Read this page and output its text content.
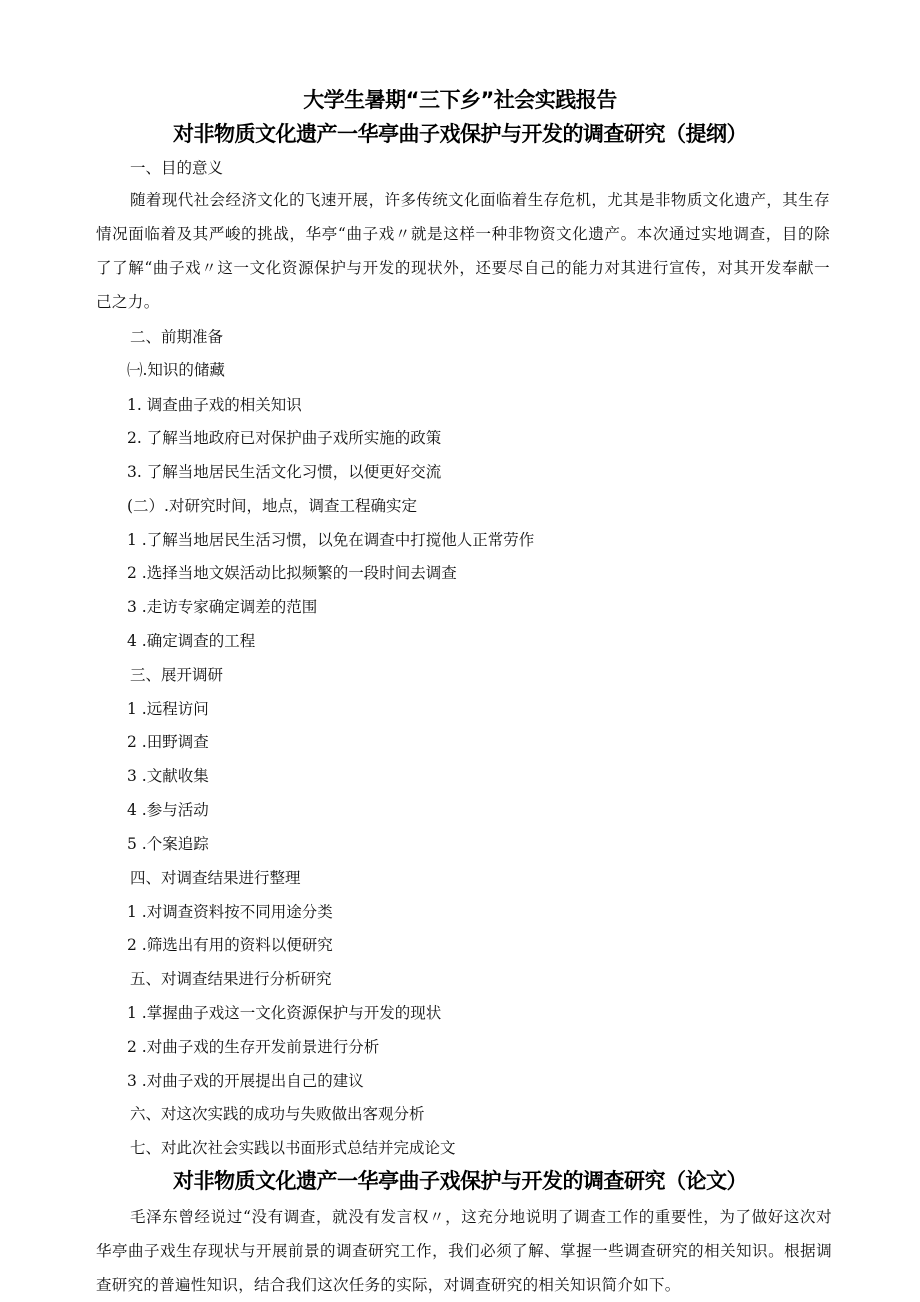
大学生暑期“三下乡”社会实践报告
对非物质文化遗产一华亭曲子戏保护与开发的调查研究（提纲）
一、目的意义
随着现代社会经济文化的飞速开展，许多传统文化面临着生存危机，尤其是非物质文化遗产，其生存情况面临着及其严峻的挑战，华亭“曲子戏〃就是这样一种非物资文化遗产。本次通过实地调查，目的除了了解“曲子戏〃这一文化资源保护与开发的现状外，还要尽自己的能力对其进行宣传，对其开发奉献一己之力。
二、前期准备
㈠.知识的储藏
1. 调查曲子戏的相关知识
2. 了解当地政府已对保护曲子戏所实施的政策
3. 了解当地居民生活文化习惯，以便更好交流
(二）.对研究时间，地点，调查工程确实定
1 .了解当地居民生活习惯，以免在调查中打搅他人正常劳作
2 .选择当地文娱活动比拟频繁的一段时间去调查
3 .走访专家确定调差的范围
4 .确定调查的工程
三、展开调研
1 .远程访问
2 .田野调查
3 .文献收集
4 .参与活动
5 .个案追踪
四、对调查结果进行整理
1 .对调查资料按不同用途分类
2 .筛选出有用的资料以便研究
五、对调查结果进行分析研究
1 .掌握曲子戏这一文化资源保护与开发的现状
2 .对曲子戏的生存开发前景进行分析
3 .对曲子戏的开展提出自己的建议
六、对这次实践的成功与失败做出客观分析
七、对此次社会实践以书面形式总结并完成论文
对非物质文化遗产一华亭曲子戏保护与开发的调查研究（论文）
毛泽东曾经说过“没有调查，就没有发言权〃，这充分地说明了调查工作的重要性，为了做好这次对华亭曲子戏生存现状与开展前景的调查研究工作，我们必须了解、掌握一些调查研究的相关知识。根据调查研究的普遍性知识，结合我们这次任务的实际，对调查研究的相关知识简介如下。
